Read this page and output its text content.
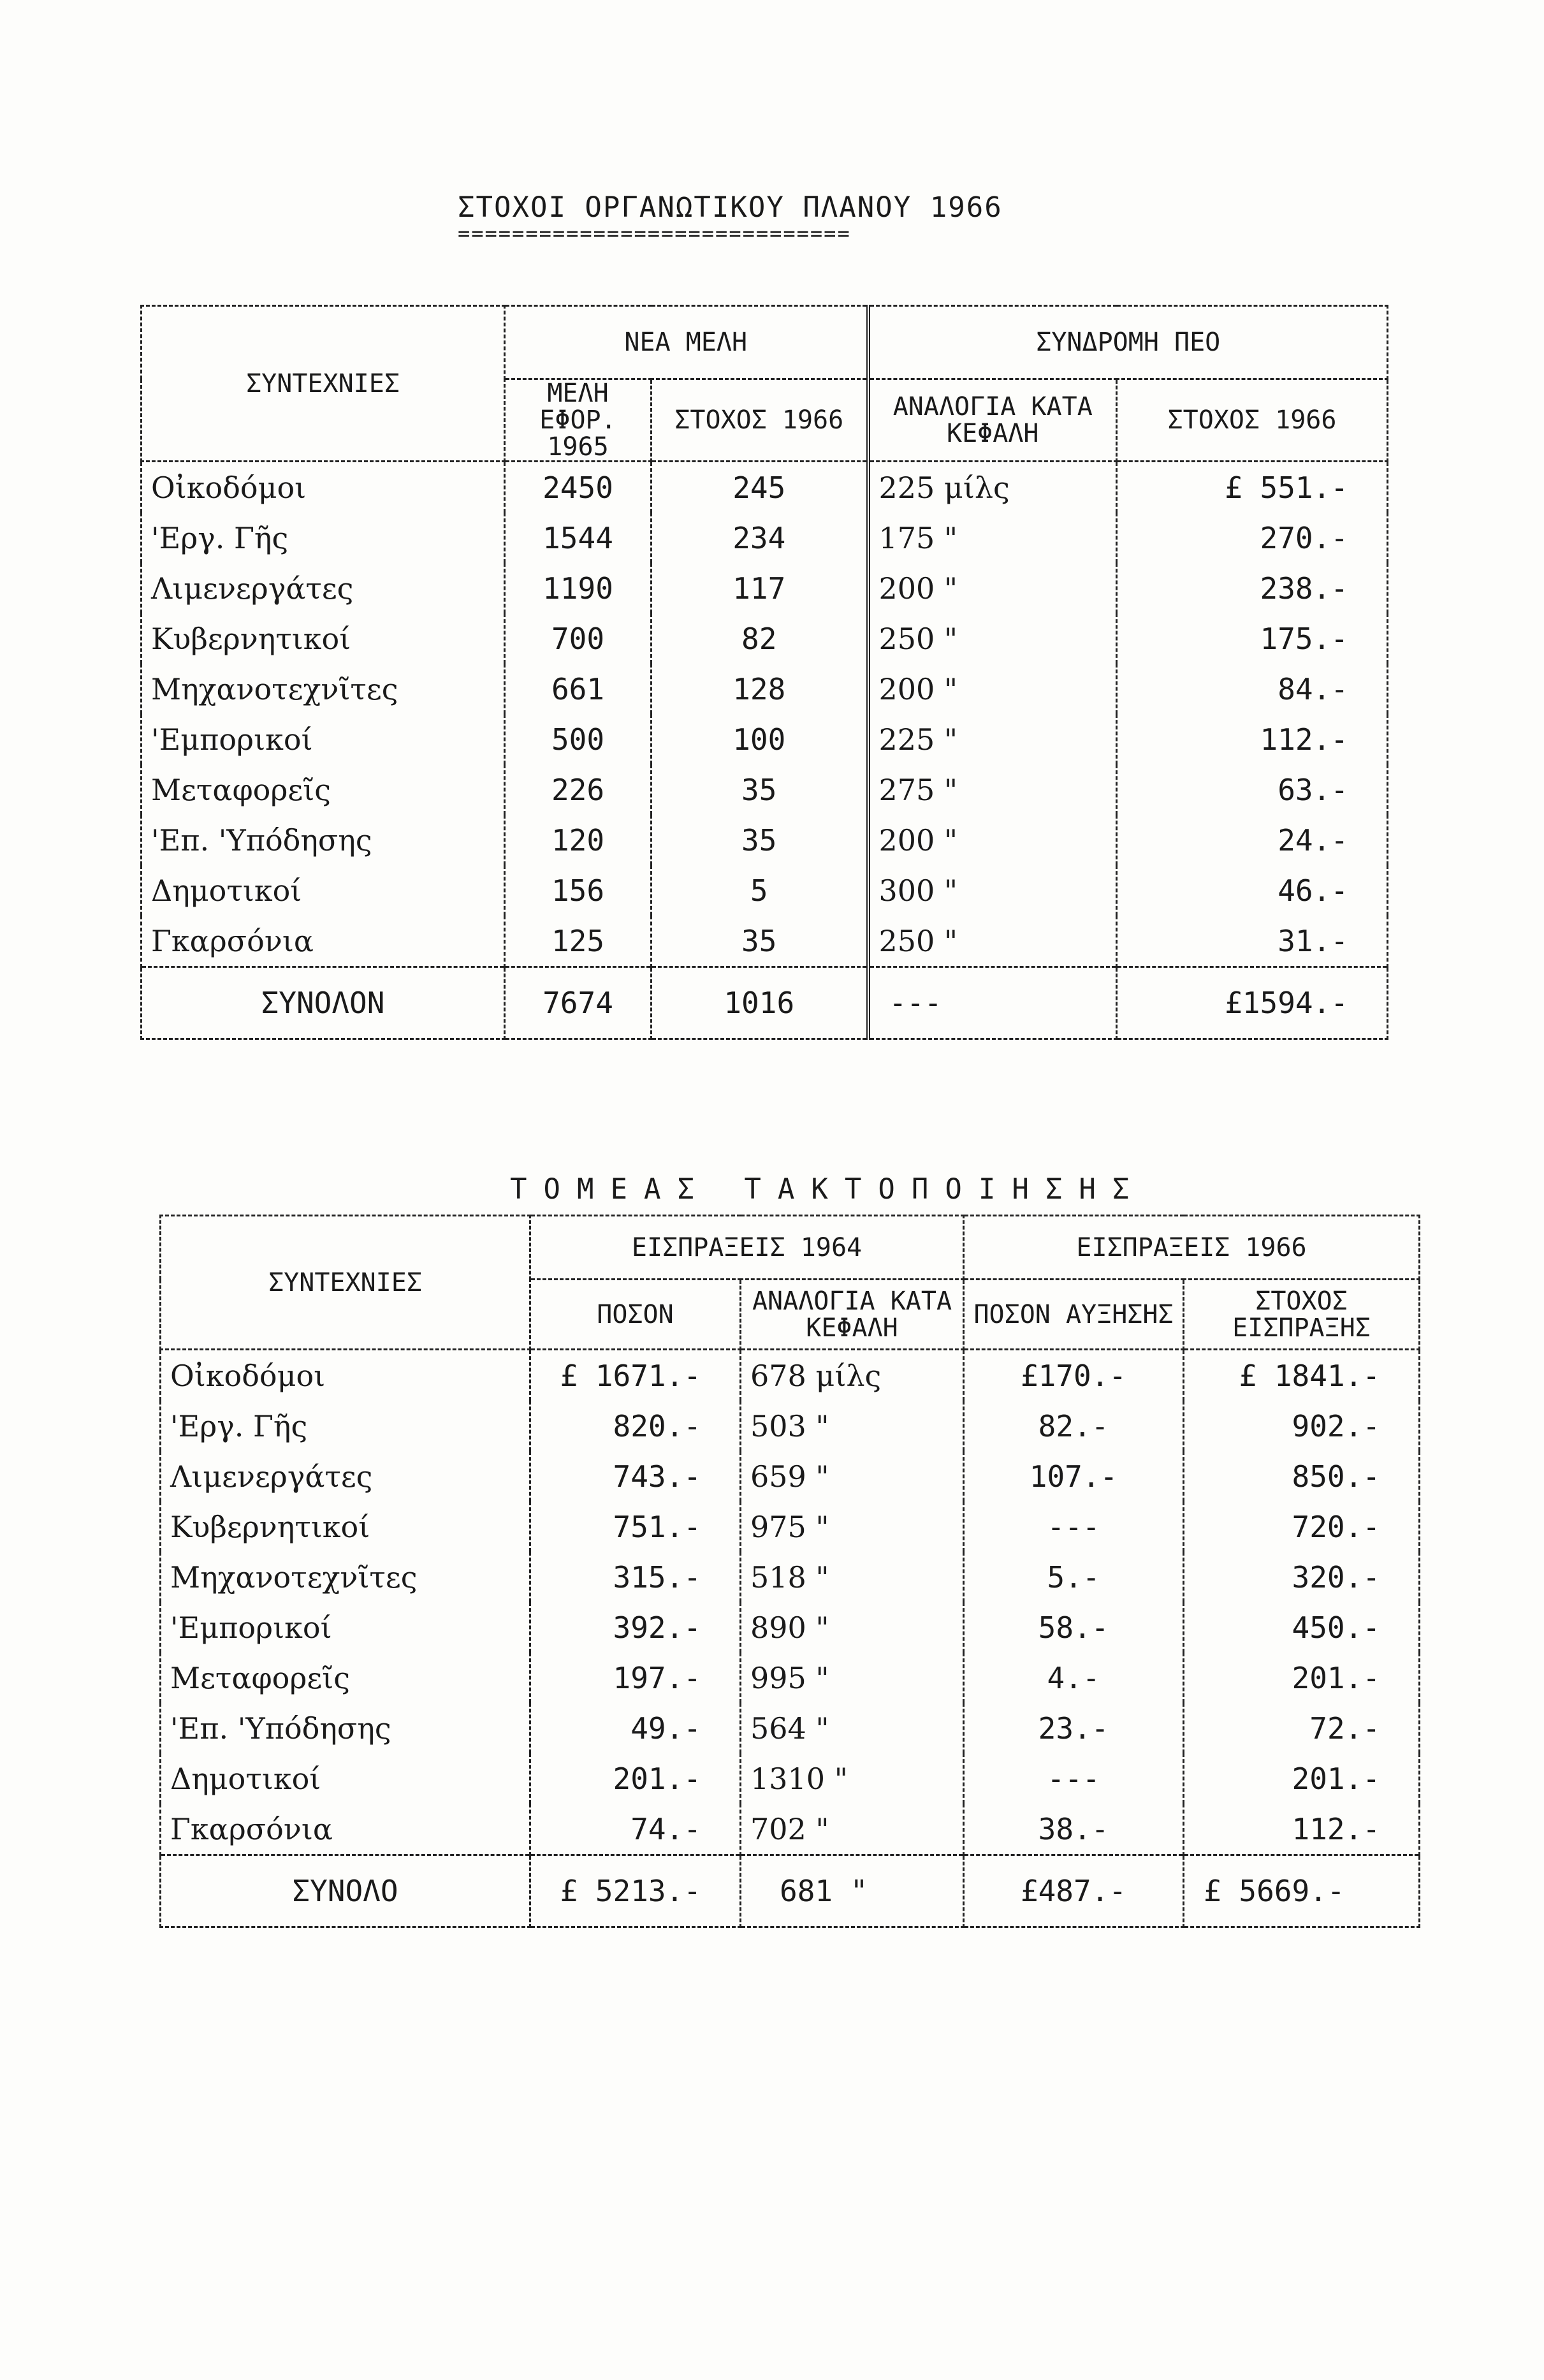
ΣΤΟΧΟΙ ΟΡΓΑΝΩΤΙΚΟΥ ΠΛΑΝΟΥ 1966
=============================
ΣΥΝΤΕΧΝΙΕΣ	ΝΕΑ ΜΕΛΗ		ΣΥΝΔΡΟΜΗ ΠΕΟ	
	ΜΕΛΗ ΕΦΟΡ. 1965	ΣΤΟΧΟΣ 1966	ΑΝΑΛΟΓΙΑ ΚΑΤΑ ΚΕΦΑΛΗ	ΣΤΟΧΟΣ 1966
Οἰκοδόμοι	2450	245	225 μίλς	£ 551.-
'Εργ. Γῆς	1544	234	175 "	270.-
Λιμενεργάτες	1190	117	200 "	238.-
Κυβερνητικοί	700	82	250 "	175.-
Μηχανοτεχνῖτες	661	128	200 "	84.-
'Εμπορικοί	500	100	225 "	112.-
Μεταφορεῖς	226	35	275 "	63.-
'Επ. 'Υπόδησης	120	35	200 "	24.-
Δημοτικοί	156	5	300 "	46.-
Γκαρσόνια	125	35	250 "	31.-
ΣΥΝΟΛΟΝ	7674	1016	---	£1594.-
ΤΟΜΕΑΣ ΤΑΚΤΟΠΟΙΗΣΗΣ
ΣΥΝΤΕΧΝΙΕΣ	ΕΙΣΠΡΑΞΕΙΣ 1964		ΕΙΣΠΡΑΞΕΙΣ 1966	
	ΠΟΣΟΝ	ΑΝΑΛΟΓΙΑ ΚΑΤΑ ΚΕΦΑΛΗ	ΠΟΣΟΝ ΑΥΞΗΣΗΣ	ΣΤΟΧΟΣ ΕΙΣΠΡΑΞΗΣ
Οἰκοδόμοι	£ 1671.-	678 μίλς	£170.-	£ 1841.-
'Εργ. Γῆς	820.-	503 "	82.-	902.-
Λιμενεργάτες	743.-	659 "	107.-	850.-
Κυβερνητικοί	751.-	975 "	---	720.-
Μηχανοτεχνῖτες	315.-	518 "	5.-	320.-
'Εμπορικοί	392.-	890 "	58.-	450.-
Μεταφορεῖς	197.-	995 "	4.-	201.-
'Επ. 'Υπόδησης	49.-	564 "	23.-	72.-
Δημοτικοί	201.-	1310 "	---	201.-
Γκαρσόνια	74.-	702 "	38.-	112.-
ΣΥΝΟΛΟ	£ 5213.-	681 "	£487.-	£ 5669.-
